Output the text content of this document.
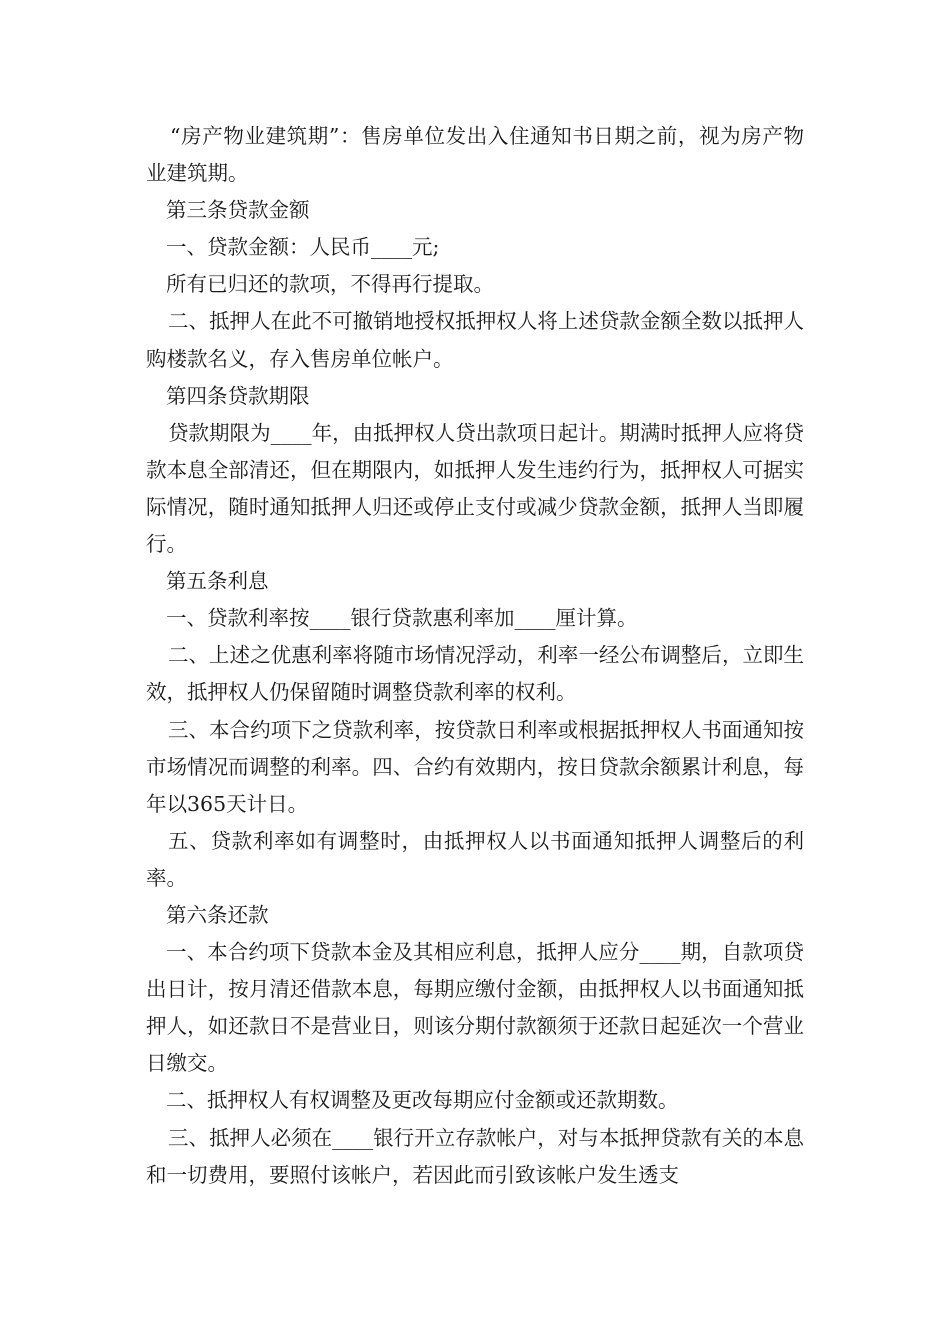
“房产物业建筑期”：售房单位发出入住通知书日期之前，视为房产物业建筑期。

第三条贷款金额

一、贷款金额：人民币____元;

所有已归还的款项，不得再行提取。

二、抵押人在此不可撤销地授权抵押权人将上述贷款金额全数以抵押人购楼款名义，存入售房单位帐户。

第四条贷款期限

贷款期限为____年，由抵押权人贷出款项日起计。期满时抵押人应将贷款本息全部清还，但在期限内，如抵押人发生违约行为，抵押权人可据实际情况，随时通知抵押人归还或停止支付或减少贷款金额，抵押人当即履行。

第五条利息

一、贷款利率按____银行贷款惠利率加____厘计算。

二、上述之优惠利率将随市场情况浮动，利率一经公布调整后，立即生效，抵押权人仍保留随时调整贷款利率的权利。

三、本合约项下之贷款利率，按贷款日利率或根据抵押权人书面通知按市场情况而调整的利率。四、合约有效期内，按日贷款余额累计利息，每年以365天计日。

五、贷款利率如有调整时，由抵押权人以书面通知抵押人调整后的利率。

第六条还款

一、本合约项下贷款本金及其相应利息，抵押人应分____期，自款项贷出日计，按月清还借款本息，每期应缴付金额，由抵押权人以书面通知抵押人，如还款日不是营业日，则该分期付款额须于还款日起延次一个营业日缴交。

二、抵押权人有权调整及更改每期应付金额或还款期数。

三、抵押人必须在____银行开立存款帐户，对与本抵押贷款有关的本息和一切费用，要照付该帐户，若因此而引致该帐户发生透支
